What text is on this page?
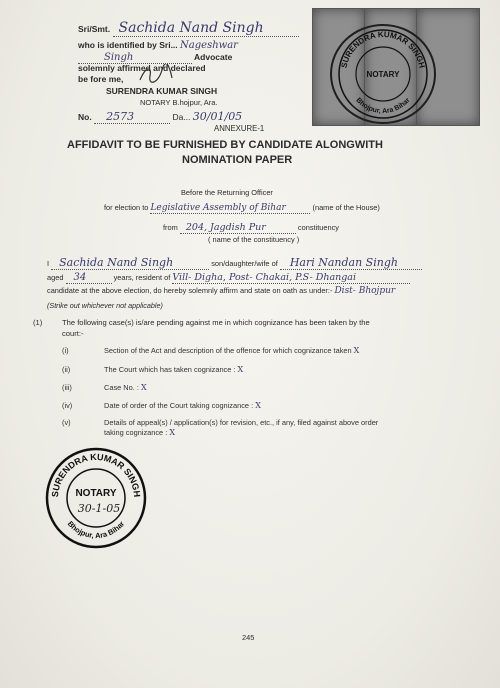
SURENDRA KUMAR SINGH
Bhojpur, Ara Bihar
NOTARY
Sri/Smt. Sachida Nand Singh
who is identified by Sri... Nageshwar
Singh	Advocate
solemnly affirmed and declared
be fore me,
SURENDRA KUMAR SINGH
NOTARY B.hojpur, Ara.
No. 2573	Da... 30/01/05
ANNEXURE-1
AFFIDAVIT TO BE FURNISHED BY CANDIDATE ALONGWITH
NOMINATION PAPER
Before the Returning Officer
for election to Legislative Assembly of Bihar	(name of the House)
from 204, Jagdish Pur	constituency
( name of the constituency )
I Sachida Nand Singh	son/daughter/wife of Hari Nandan Singh
aged 34	years, resident of Vill- Digha, Post- Chakai, P.S- Dhangai
candidate at the above election, do hereby solemnly affirm and state on oath as under:- Dist- Bhojpur
(Strike out whichever not applicable)
(1)	The following case(s) is/are pending against me in which cognizance has been taken by the
court:-
(i)	Section of the Act and description of the offence for which cognizance taken X
(ii)	The Court which has taken cognizance : X
(iii)	Case No. : X
(iv)	Date of order of the Court taking cognizance : X
(v)	Details of appeal(s) / application(s) for revision, etc., if any, filed against above order
taking cognizance : X
SURENDRA KUMAR SINGH
Bhojpur, Ara Bihar
NOTARY
30-1-05
245
